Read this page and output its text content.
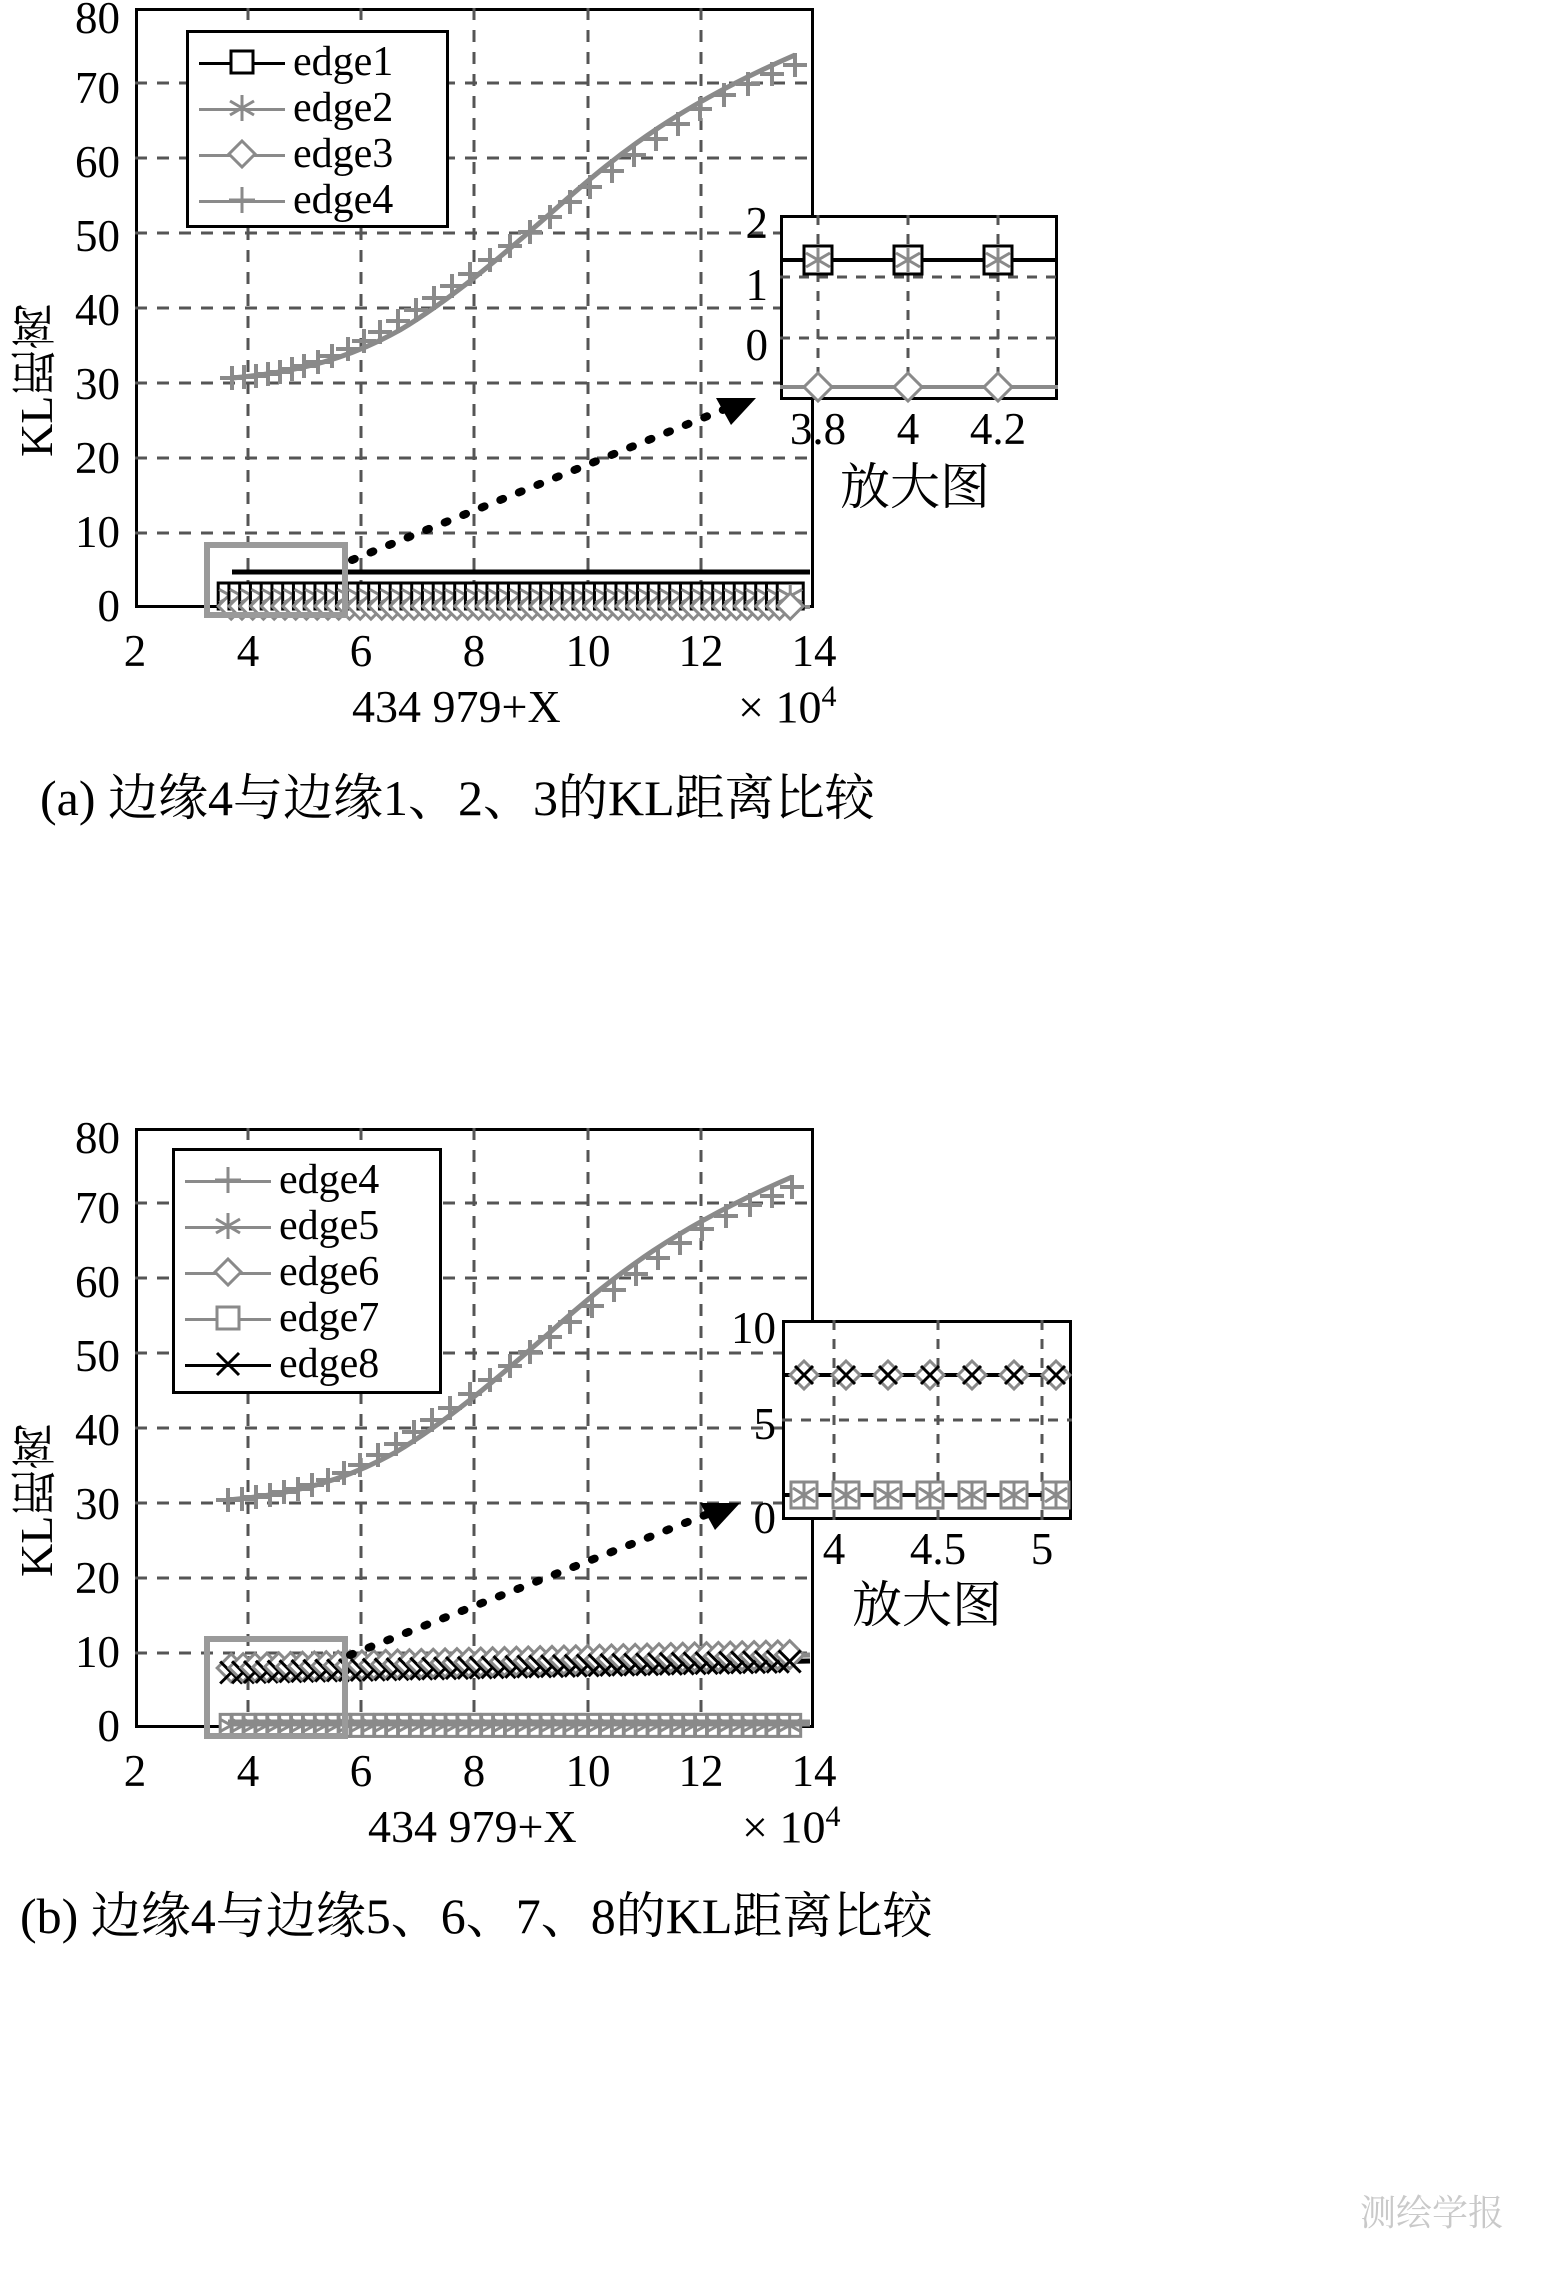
KL距离
80
70
60
50
40
30
20
10
0
2	4	6	8	10	12	14
edge1
edge2
edge3
edge4	2
1
0
3.8	4	4.2
放大图
434 979+X	× $10^4$
(a) 边缘4与边缘1、2、3的KL距离比较
KL距离
80
70
60
50
40
30
20
10
0
2	4	6	8	10	12	14
edge4
edge5
edge6
edge7
edge8
10
5
0
4	4.5	5
放大图
434 979+X	× $10^4$
(b) 边缘4与边缘5、6、7、8的KL距离比较
测绘学报
